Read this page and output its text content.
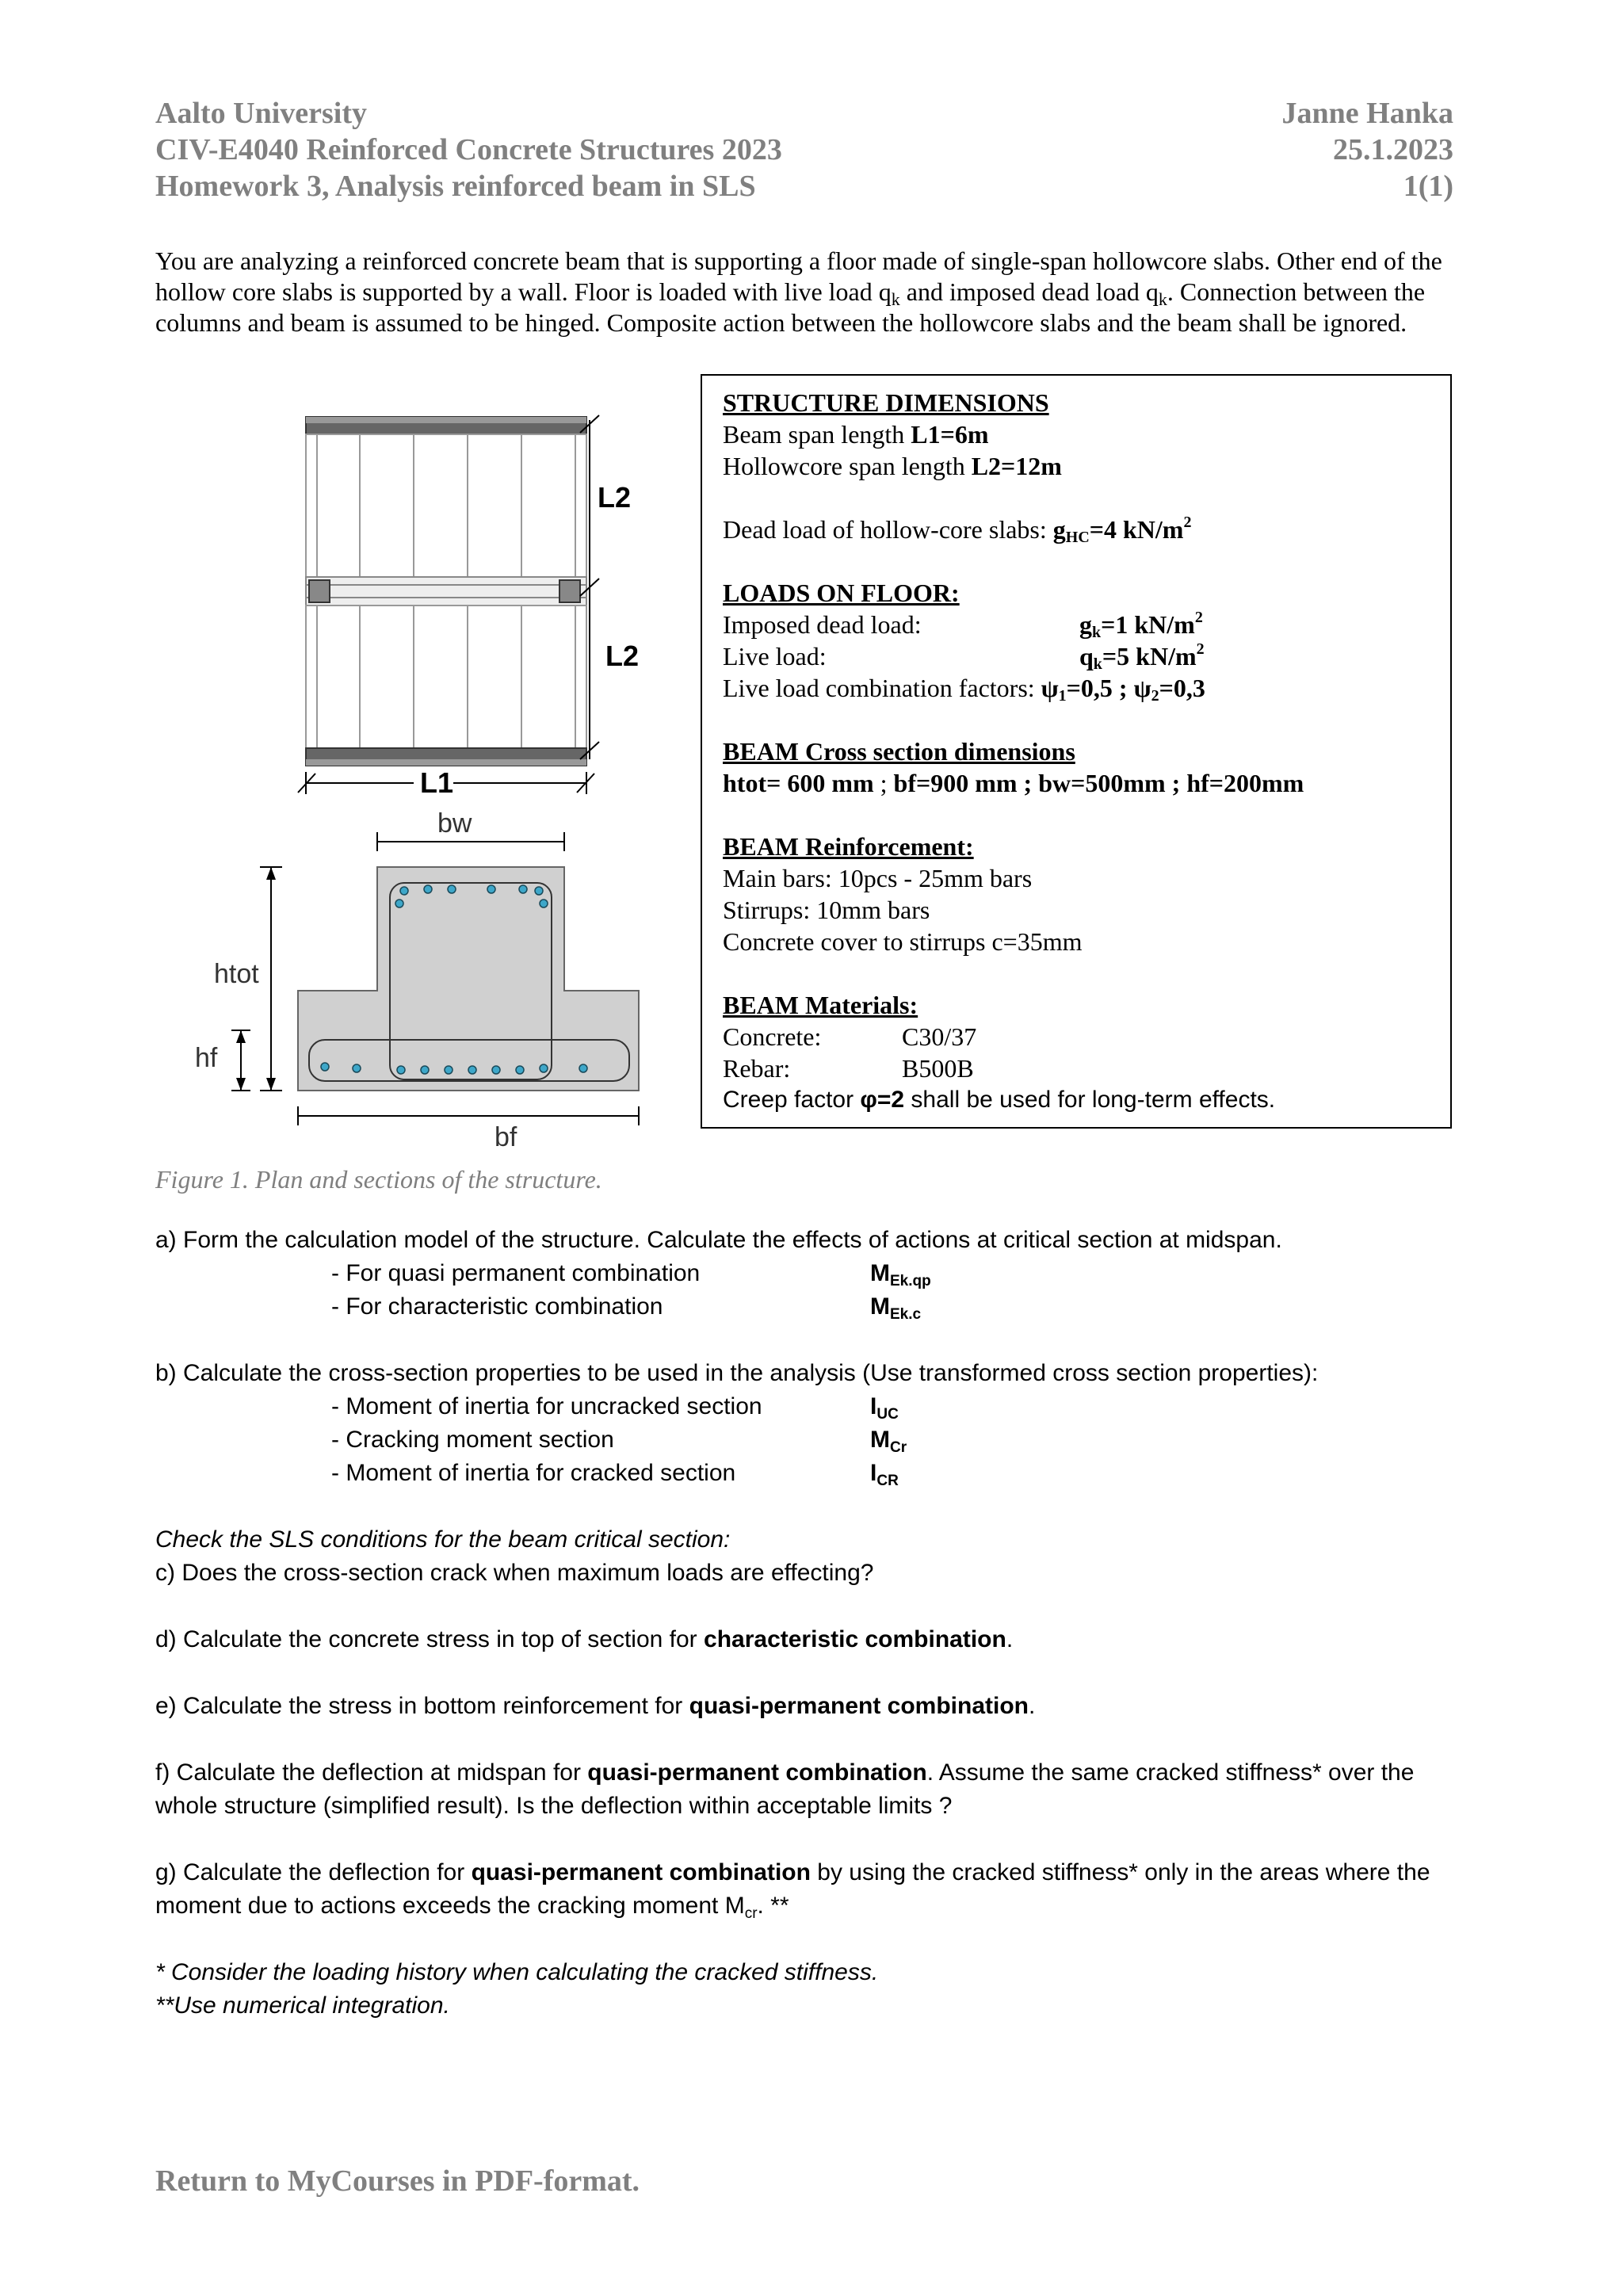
Aalto University
CIV-E4040 Reinforced Concrete Structures 2023
Homework 3, Analysis reinforced beam in SLS
Janne Hanka
25.1.2023
1(1)
You are analyzing a reinforced concrete beam that is supporting a floor made of single-span hollowcore slabs. Other end of the hollow core slabs is supported by a wall. Floor is loaded with live load $q_k$ and imposed dead load $q_k$. Connection between the columns and beam is assumed to be hinged. Composite action between the hollowcore slabs and the beam shall be ignored.
L2
L2
L1
bw
htot
hf
bf
Figure 1. Plan and sections of the structure.
STRUCTURE DIMENSIONS
Beam span length L1=6m
Hollowcore span length L2=12m
Dead load of hollow-core slabs: $g_{HC}=4$ $kN/m^2$
LOADS ON FLOOR:
Imposed dead load:	$g_k=1$ $kN/m^2$
Live load:	$q_k=5$ $kN/m^2$
Live load combination factors: $\psi_1=0,5$ ; $\psi_2=0,3$
BEAM Cross section dimensions
htot= 600 mm ; bf=900 mm ; bw=500mm ; hf=200mm
BEAM Reinforcement:
Main bars: 10pcs - 25mm bars
Stirrups: 10mm bars
Concrete cover to stirrups c=35mm
BEAM Materials:
Concrete:	C30/37
Rebar:	B500B
Creep factor φ=2 shall be used for long-term effects.
a) Form the calculation model of the structure. Calculate the effects of actions at critical section at midspan.
- For quasi permanent combination	$M_{Ek.qp}$
- For characteristic combination	$M_{Ek.c}$
b) Calculate the cross-section properties to be used in the analysis (Use transformed cross section properties):
- Moment of inertia for uncracked section	$I_{UC}$
- Cracking moment section	$M_{Cr}$
- Moment of inertia for cracked section	$I_{CR}$
Check the SLS conditions for the beam critical section:
c) Does the cross-section crack when maximum loads are effecting?
d) Calculate the concrete stress in top of section for characteristic combination.
e) Calculate the stress in bottom reinforcement for quasi-permanent combination.
f) Calculate the deflection at midspan for quasi-permanent combination. Assume the same cracked stiffness* over the whole structure (simplified result). Is the deflection within acceptable limits ?
g) Calculate the deflection for quasi-permanent combination by using the cracked stiffness* only in the areas where the moment due to actions exceeds the cracking moment $M_{cr}$. **
* Consider the loading history when calculating the cracked stiffness.
**Use numerical integration.
Return to MyCourses in PDF-format.
